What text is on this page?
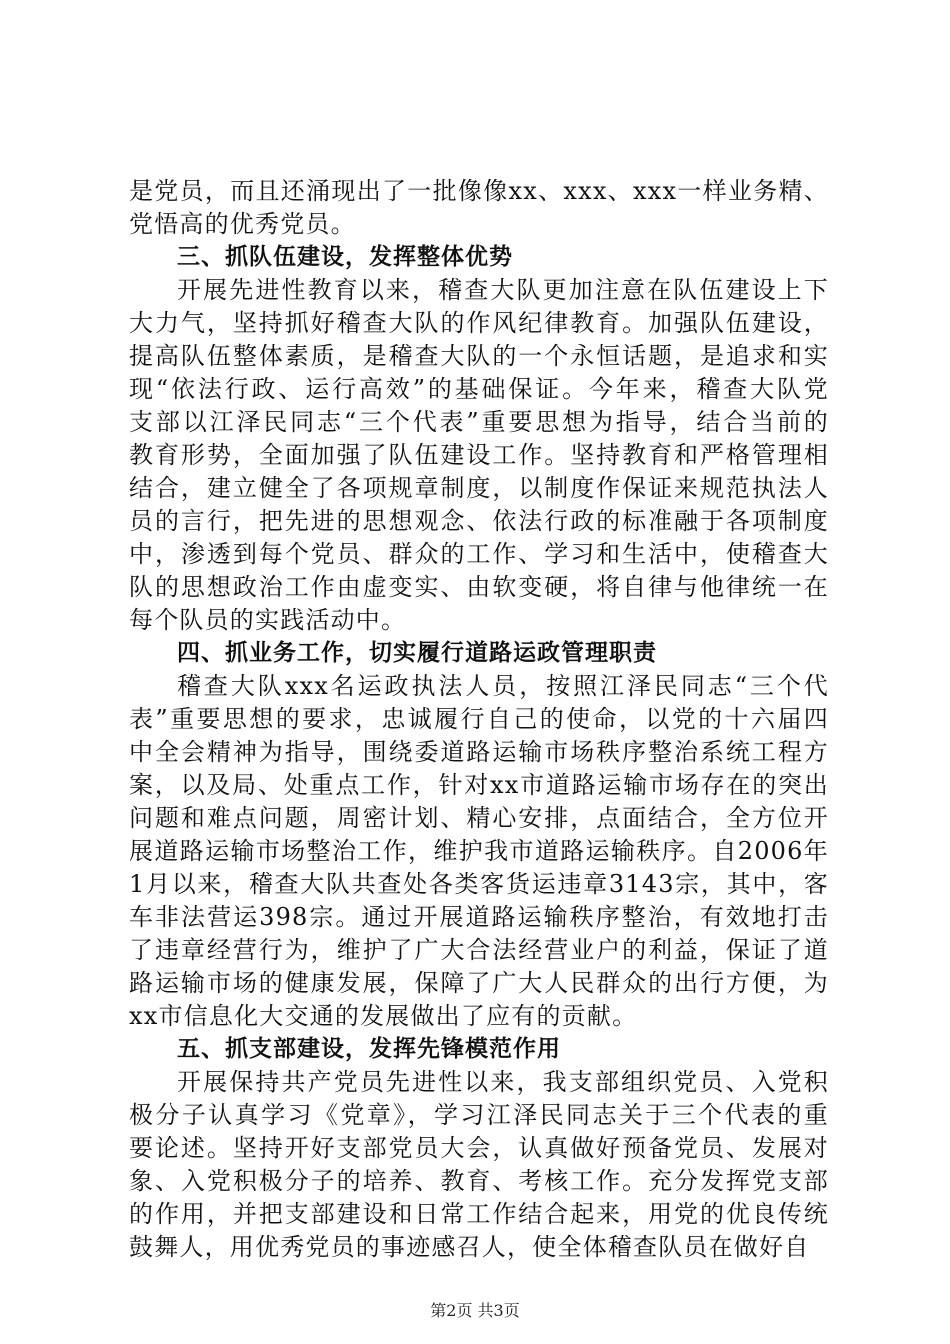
是党员，而且还涌现出了一批像像xx、xxx、xxx一样业务精、
党悟高的优秀党员。
三、抓队伍建设，发挥整体优势
开展先进性教育以来，稽查大队更加注意在队伍建设上下
大力气，坚持抓好稽查大队的作风纪律教育。加强队伍建设，
提高队伍整体素质，是稽查大队的一个永恒话题，是追求和实
现“依法行政、运行高效”的基础保证。今年来，稽查大队党
支部以江泽民同志“三个代表”重要思想为指导，结合当前的
教育形势，全面加强了队伍建设工作。坚持教育和严格管理相
结合，建立健全了各项规章制度，以制度作保证来规范执法人
员的言行，把先进的思想观念、依法行政的标准融于各项制度
中，渗透到每个党员、群众的工作、学习和生活中，使稽查大
队的思想政治工作由虚变实、由软变硬，将自律与他律统一在
每个队员的实践活动中。
四、抓业务工作，切实履行道路运政管理职责
稽查大队xxx名运政执法人员，按照江泽民同志“三个代
表”重要思想的要求，忠诚履行自己的使命，以党的十六届四
中全会精神为指导，围绕委道路运输市场秩序整治系统工程方
案，以及局、处重点工作，针对xx市道路运输市场存在的突出
问题和难点问题，周密计划、精心安排，点面结合，全方位开
展道路运输市场整治工作，维护我市道路运输秩序。自2006年
1月以来，稽查大队共查处各类客货运违章3143宗，其中，客
车非法营运398宗。通过开展道路运输秩序整治，有效地打击
了违章经营行为，维护了广大合法经营业户的利益，保证了道
路运输市场的健康发展，保障了广大人民群众的出行方便，为
xx市信息化大交通的发展做出了应有的贡献。
五、抓支部建设，发挥先锋模范作用
开展保持共产党员先进性以来，我支部组织党员、入党积
极分子认真学习《党章》，学习江泽民同志关于三个代表的重
要论述。坚持开好支部党员大会，认真做好预备党员、发展对
象、入党积极分子的培养、教育、考核工作。充分发挥党支部
的作用，并把支部建设和日常工作结合起来，用党的优良传统
鼓舞人，用优秀党员的事迹感召人，使全体稽查队员在做好自
第2页 共3页
